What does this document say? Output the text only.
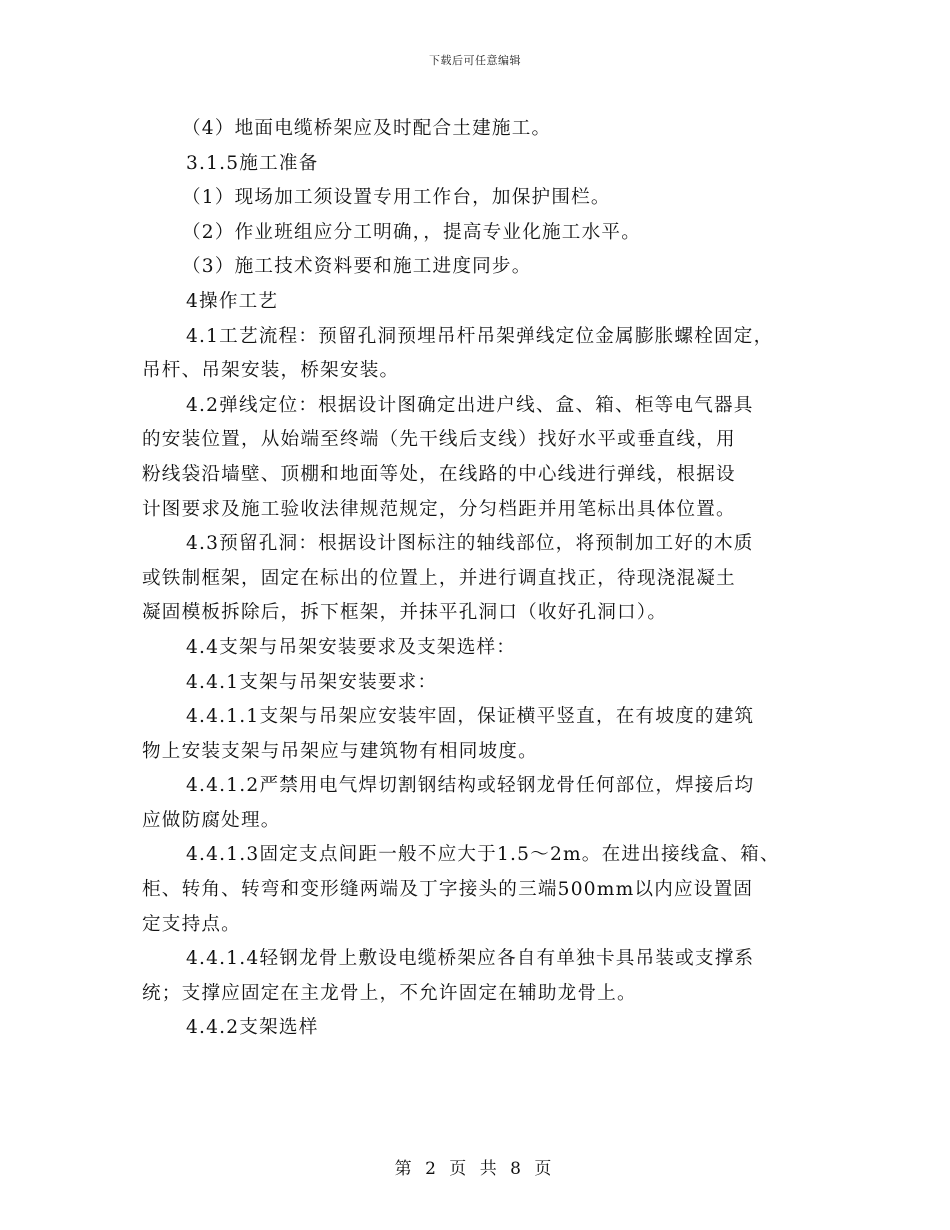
下载后可任意编辑
（4）地面电缆桥架应及时配合土建施工。
3.1.5施工准备
（1）现场加工须设置专用工作台，加保护围栏。
（2）作业班组应分工明确，，提高专业化施工水平。
（3）施工技术资料要和施工进度同步。
4操作工艺
4.1工艺流程：预留孔洞预埋吊杆吊架弹线定位金属膨胀螺栓固定，
吊杆、吊架安装，桥架安装。
4.2弹线定位：根据设计图确定出进户线、盒、箱、柜等电气器具
的安装位置，从始端至终端（先干线后支线）找好水平或垂直线，用
粉线袋沿墙壁、顶棚和地面等处，在线路的中心线进行弹线，根据设
计图要求及施工验收法律规范规定，分匀档距并用笔标出具体位置。
4.3预留孔洞：根据设计图标注的轴线部位，将预制加工好的木质
或铁制框架，固定在标出的位置上，并进行调直找正，待现浇混凝土
凝固模板拆除后，拆下框架，并抹平孔洞口（收好孔洞口）。
4.4支架与吊架安装要求及支架选样：
4.4.1支架与吊架安装要求：
4.4.1.1支架与吊架应安装牢固，保证横平竖直，在有坡度的建筑
物上安装支架与吊架应与建筑物有相同坡度。
4.4.1.2严禁用电气焊切割钢结构或轻钢龙骨任何部位，焊接后均
应做防腐处理。
4.4.1.3固定支点间距一般不应大于1.5～2m。在进出接线盒、箱、
柜、转角、转弯和变形缝两端及丁字接头的三端500mm以内应设置固
定支持点。
4.4.1.4轻钢龙骨上敷设电缆桥架应各自有单独卡具吊装或支撑系
统；支撑应固定在主龙骨上，不允许固定在辅助龙骨上。
4.4.2支架选样
第 2 页 共 8 页
